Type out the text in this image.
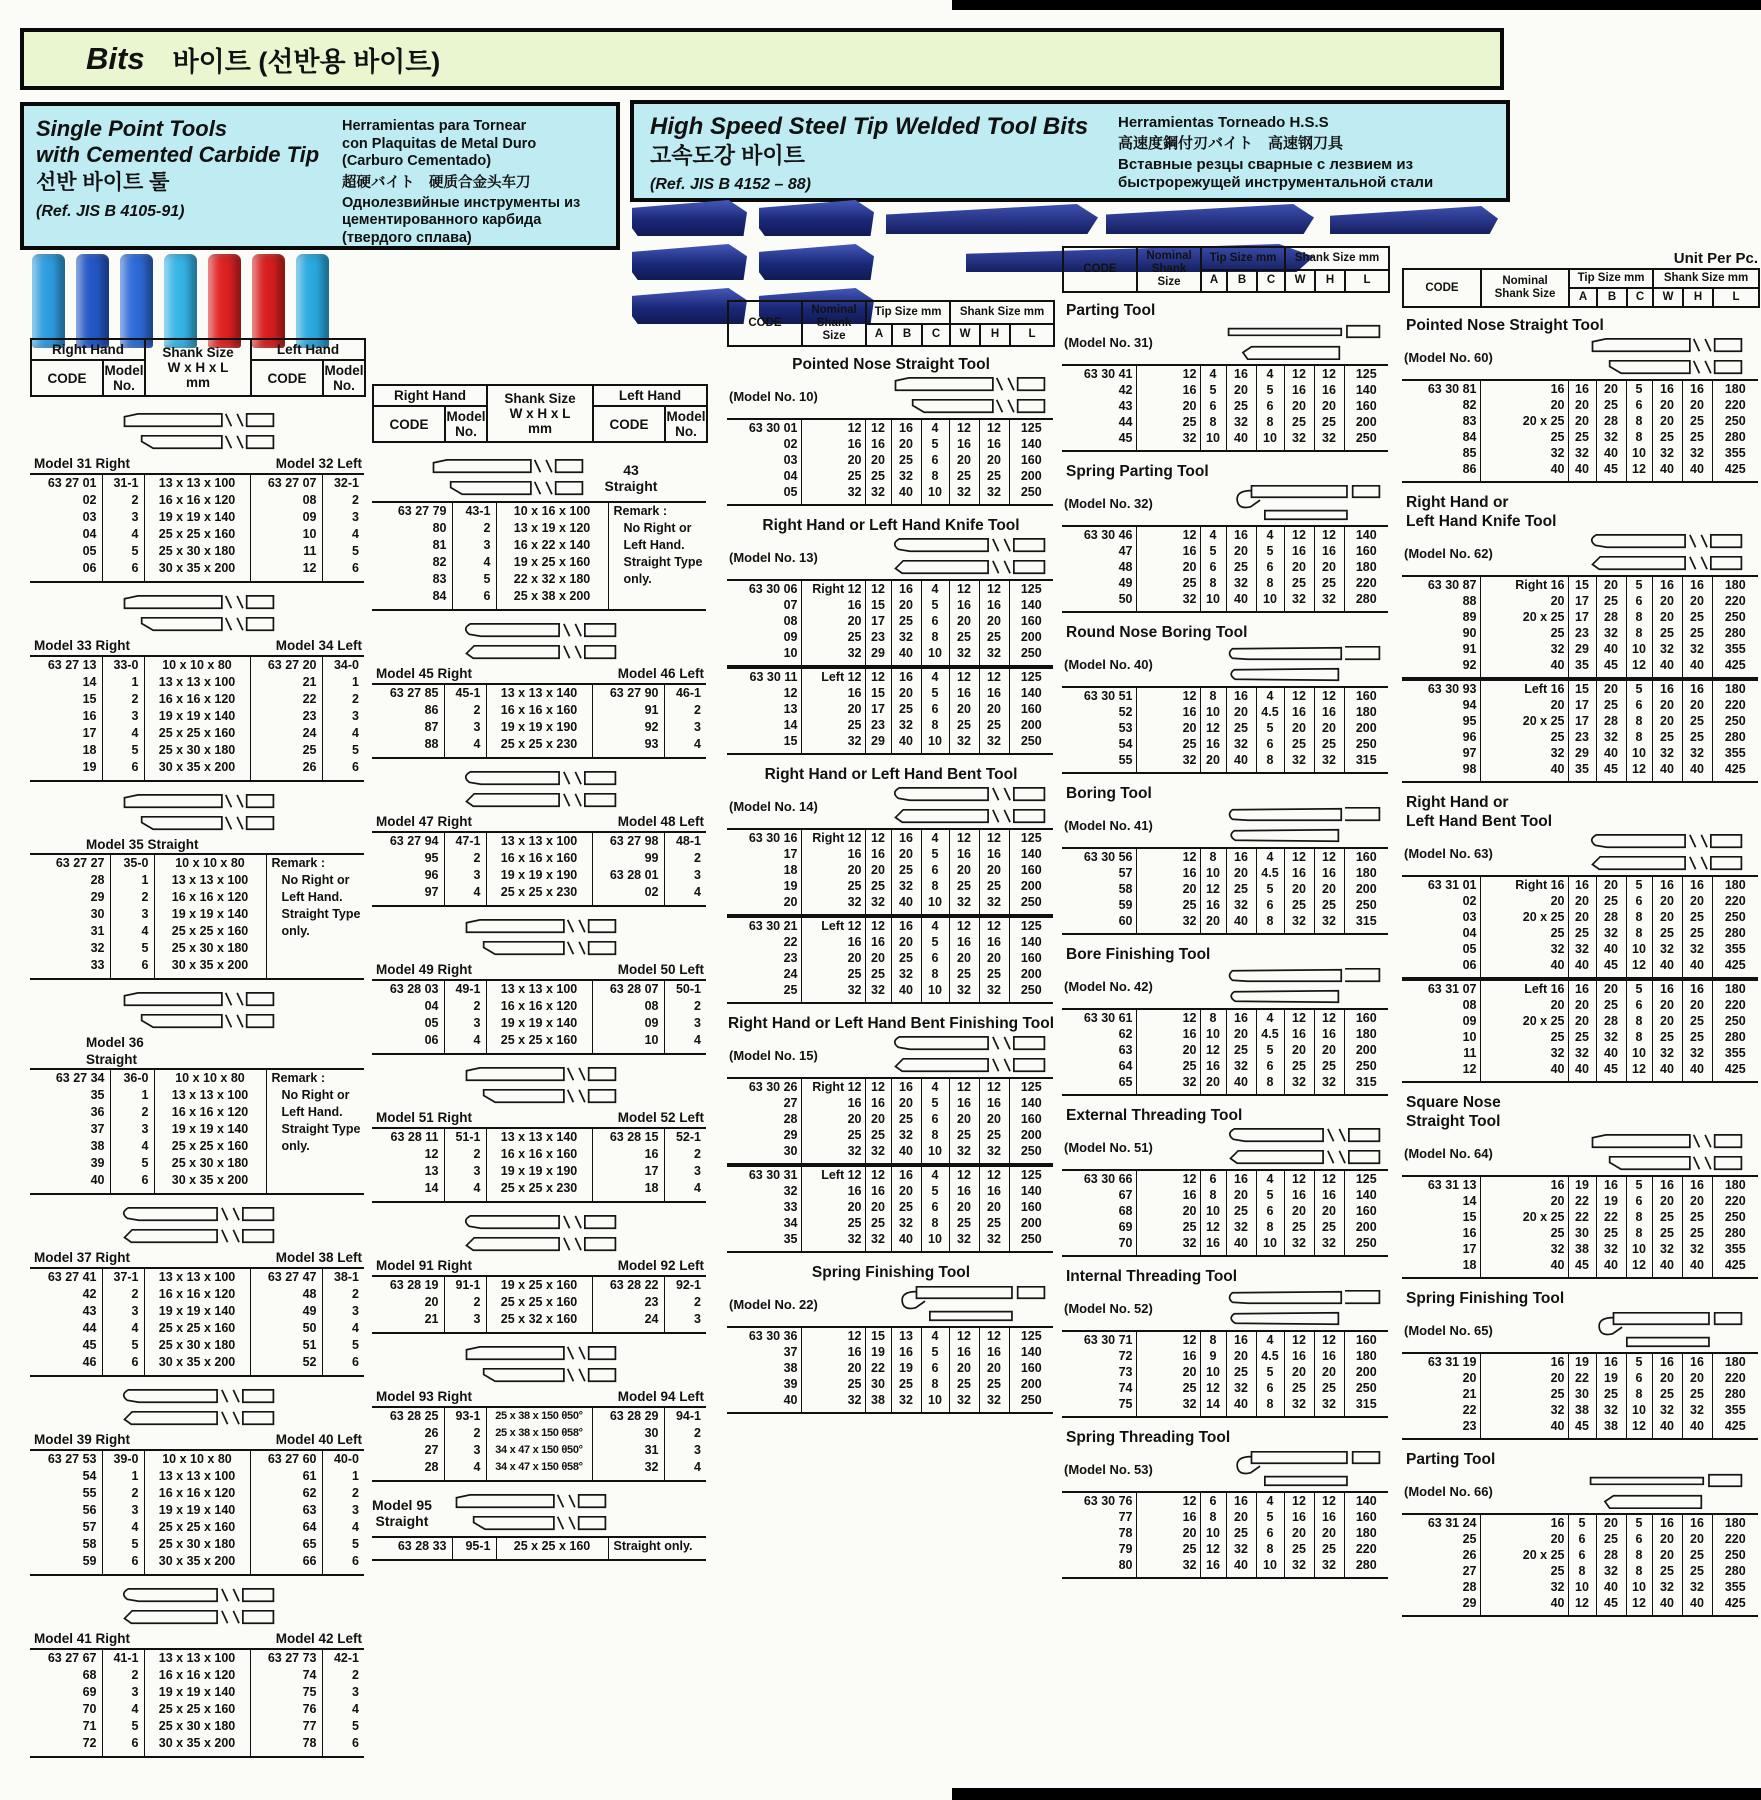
Bits 바이트 (선반용 바이트)
Single Point Tools
with Cemented Carbide Tip
선반 바이트 툴
(Ref. JIS B 4105-91)
Herramientas para Tornear
con Plaquitas de Metal Duro
(Carburo Cementado)
超硬バイト　硬质合金头车刀
Однолезвийные инструменты из
цементированного карбида
(твердого сплава)
High Speed Steel Tip Welded Tool Bits
고속도강 바이트
(Ref. JIS B 4152 – 88)
Herramientas Torneado H.S.S
高速度鋼付刃バイト　高速钢刀具
Вставные резцы сварные с лезвием из
быстрорежущей инструментальной стали
Unit Per Pc.
Right Hand		Shank Size
W x H x L
mm	Left Hand	
CODE	Model
No.	CODE	Model
No.
Model 31 Right	Model 32 Left
63 27 01	31-1	13 x 13 x 100	63 27 07	32-1
02	2	16 x 16 x 120	08	2
03	3	19 x 19 x 140	09	3
04	4	25 x 25 x 160	10	4
05	5	25 x 30 x 180	11	5
06	6	30 x 35 x 200	12	6
Model 33 Right	Model 34 Left
63 27 13	33-0	10 x 10 x 80	63 27 20	34-0
14	1	13 x 13 x 100	21	1
15	2	16 x 16 x 120	22	2
16	3	19 x 19 x 140	23	3
17	4	25 x 25 x 160	24	4
18	5	25 x 30 x 180	25	5
19	6	30 x 35 x 200	26	6
Model 35 Straight
63 27 27	35-0	10 x 10 x 80	Remark :
No Right or
Left Hand.
Straight Type
only.

28	1	13 x 13 x 100	
29	2	16 x 16 x 120	
30	3	19 x 19 x 140	
31	4	25 x 25 x 160	
32	5	25 x 30 x 180	
33	6	30 x 35 x 200	
Model 36
Straight
63 27 34	36-0	10 x 10 x 80	Remark :
No Right or
Left Hand.
Straight Type
only.

35	1	13 x 13 x 100	
36	2	16 x 16 x 120	
37	3	19 x 19 x 140	
38	4	25 x 25 x 160	
39	5	25 x 30 x 180	
40	6	30 x 35 x 200	
Model 37 Right	Model 38 Left
63 27 41	37-1	13 x 13 x 100	63 27 47	38-1
42	2	16 x 16 x 120	48	2
43	3	19 x 19 x 140	49	3
44	4	25 x 25 x 160	50	4
45	5	25 x 30 x 180	51	5
46	6	30 x 35 x 200	52	6
Model 39 Right	Model 40 Left
63 27 53	39-0	10 x 10 x 80	63 27 60	40-0
54	1	13 x 13 x 100	61	1
55	2	16 x 16 x 120	62	2
56	3	19 x 19 x 140	63	3
57	4	25 x 25 x 160	64	4
58	5	25 x 30 x 180	65	5
59	6	30 x 35 x 200	66	6
Model 41 Right	Model 42 Left
63 27 67	41-1	13 x 13 x 100	63 27 73	42-1
68	2	16 x 16 x 120	74	2
69	3	19 x 19 x 140	75	3
70	4	25 x 25 x 160	76	4
71	5	25 x 30 x 180	77	5
72	6	30 x 35 x 200	78	6
Right Hand		Shank Size
W x H x L
mm	Left Hand	
CODE	Model
No.	CODE	Model
No.
43
Straight
63 27 79	43-1	10 x 16 x 100	Remark :
No Right or
Left Hand.
Straight Type
only.

80	2	13 x 19 x 120	
81	3	16 x 22 x 140	
82	4	19 x 25 x 160	
83	5	22 x 32 x 180	
84	6	25 x 38 x 200	
Model 45 Right	Model 46 Left
63 27 85	45-1	13 x 13 x 140	63 27 90	46-1
86	2	16 x 16 x 160	91	2
87	3	19 x 19 x 190	92	3
88	4	25 x 25 x 230	93	4
Model 47 Right	Model 48 Left
63 27 94	47-1	13 x 13 x 100	63 27 98	48-1
95	2	16 x 16 x 160	99	2
96	3	19 x 19 x 190	63 28 01	3
97	4	25 x 25 x 230	02	4
Model 49 Right	Model 50 Left
63 28 03	49-1	13 x 13 x 100	63 28 07	50-1
04	2	16 x 16 x 120	08	2
05	3	19 x 19 x 140	09	3
06	4	25 x 25 x 160	10	4
Model 51 Right	Model 52 Left
63 28 11	51-1	13 x 13 x 140	63 28 15	52-1
12	2	16 x 16 x 160	16	2
13	3	19 x 19 x 190	17	3
14	4	25 x 25 x 230	18	4
Model 91 Right	Model 92 Left
63 28 19	91-1	19 x 25 x 160	63 28 22	92-1
20	2	25 x 25 x 160	23	2
21	3	25 x 32 x 160	24	3
Model 93 Right	Model 94 Left
63 28 25	93-1	25 x 38 x 150 θ50°	63 28 29	94-1
26	2	25 x 38 x 150 θ58°	30	2
27	3	34 x 47 x 150 θ50°	31	3
28	4	34 x 47 x 150 θ58°	32	4
Model 95
Straight
63 28 33	95-1	25 x 25 x 160	Straight only.
CODE	Nominal
Shank Size	Tip Size mm			Shank Size mm		
		A	B	C	W	H	L
Pointed Nose Straight Tool
(Model No. 10)
63 30 01	12	12	16	4	12	12	125
02	16	16	20	5	16	16	140
03	20	20	25	6	20	20	160
04	25	25	32	8	25	25	200
05	32	32	40	10	32	32	250
Right Hand or Left Hand Knife Tool
(Model No. 13)
63 30 06	Right 12	12	16	4	12	12	125
07	16	15	20	5	16	16	140
08	20	17	25	6	20	20	160
09	25	23	32	8	25	25	200
10	32	29	40	10	32	32	250
63 30 11	Left 12	12	16	4	12	12	125
12	16	15	20	5	16	16	140
13	20	17	25	6	20	20	160
14	25	23	32	8	25	25	200
15	32	29	40	10	32	32	250
Right Hand or Left Hand Bent Tool
(Model No. 14)
63 30 16	Right 12	12	16	4	12	12	125
17	16	16	20	5	16	16	140
18	20	20	25	6	20	20	160
19	25	25	32	8	25	25	200
20	32	32	40	10	32	32	250
63 30 21	Left 12	12	16	4	12	12	125
22	16	16	20	5	16	16	140
23	20	20	25	6	20	20	160
24	25	25	32	8	25	25	200
25	32	32	40	10	32	32	250
Right Hand or Left Hand Bent Finishing Tool
(Model No. 15)
63 30 26	Right 12	12	16	4	12	12	125
27	16	16	20	5	16	16	140
28	20	20	25	6	20	20	160
29	25	25	32	8	25	25	200
30	32	32	40	10	32	32	250
63 30 31	Left 12	12	16	4	12	12	125
32	16	16	20	5	16	16	140
33	20	20	25	6	20	20	160
34	25	25	32	8	25	25	200
35	32	32	40	10	32	32	250
Spring Finishing Tool
(Model No. 22)
63 30 36	12	15	13	4	12	12	125
37	16	19	16	5	16	16	140
38	20	22	19	6	20	20	160
39	25	30	25	8	25	25	200
40	32	38	32	10	32	32	250
CODE	Nominal
Shank Size	Tip Size mm			Shank Size mm		
		A	B	C	W	H	L
Parting Tool
(Model No. 31)
63 30 41	12	4	16	4	12	12	125
42	16	5	20	5	16	16	140
43	20	6	25	6	20	20	160
44	25	8	32	8	25	25	200
45	32	10	40	10	32	32	250
Spring Parting Tool
(Model No. 32)
63 30 46	12	4	16	4	12	12	140
47	16	5	20	5	16	16	160
48	20	6	25	6	20	20	180
49	25	8	32	8	25	25	220
50	32	10	40	10	32	32	280
Round Nose Boring Tool
(Model No. 40)
63 30 51	12	8	16	4	12	12	160
52	16	10	20	4.5	16	16	180
53	20	12	25	5	20	20	200
54	25	16	32	6	25	25	250
55	32	20	40	8	32	32	315
Boring Tool
(Model No. 41)
63 30 56	12	8	16	4	12	12	160
57	16	10	20	4.5	16	16	180
58	20	12	25	5	20	20	200
59	25	16	32	6	25	25	250
60	32	20	40	8	32	32	315
Bore Finishing Tool
(Model No. 42)
63 30 61	12	8	16	4	12	12	160
62	16	10	20	4.5	16	16	180
63	20	12	25	5	20	20	200
64	25	16	32	6	25	25	250
65	32	20	40	8	32	32	315
External Threading Tool
(Model No. 51)
63 30 66	12	6	16	4	12	12	125
67	16	8	20	5	16	16	140
68	20	10	25	6	20	20	160
69	25	12	32	8	25	25	200
70	32	16	40	10	32	32	250
Internal Threading Tool
(Model No. 52)
63 30 71	12	8	16	4	12	12	160
72	16	9	20	4.5	16	16	180
73	20	10	25	5	20	20	200
74	25	12	32	6	25	25	250
75	32	14	40	8	32	32	315
Spring Threading Tool
(Model No. 53)
63 30 76	12	6	16	4	12	12	140
77	16	8	20	5	16	16	160
78	20	10	25	6	20	20	180
79	25	12	32	8	25	25	220
80	32	16	40	10	32	32	280
CODE	Nominal
Shank Size	Tip Size mm			Shank Size mm		
		A	B	C	W	H	L
Pointed Nose Straight Tool
(Model No. 60)
63 30 81	16	16	20	5	16	16	180
82	20	20	25	6	20	20	220
83	20 x 25	20	28	8	20	25	250
84	25	25	32	8	25	25	280
85	32	32	40	10	32	32	355
86	40	40	45	12	40	40	425
Right Hand or
Left Hand Knife Tool
(Model No. 62)
63 30 87	Right 16	15	20	5	16	16	180
88	20	17	25	6	20	20	220
89	20 x 25	17	28	8	20	25	250
90	25	23	32	8	25	25	280
91	32	29	40	10	32	32	355
92	40	35	45	12	40	40	425
63 30 93	Left 16	15	20	5	16	16	180
94	20	17	25	6	20	20	220
95	20 x 25	17	28	8	20	25	250
96	25	23	32	8	25	25	280
97	32	29	40	10	32	32	355
98	40	35	45	12	40	40	425
Right Hand or
Left Hand Bent Tool
(Model No. 63)
63 31 01	Right 16	16	20	5	16	16	180
02	20	20	25	6	20	20	220
03	20 x 25	20	28	8	20	25	250
04	25	25	32	8	25	25	280
05	32	32	40	10	32	32	355
06	40	40	45	12	40	40	425
63 31 07	Left 16	16	20	5	16	16	180
08	20	20	25	6	20	20	220
09	20 x 25	20	28	8	20	25	250
10	25	25	32	8	25	25	280
11	32	32	40	10	32	32	355
12	40	40	45	12	40	40	425
Square Nose
Straight Tool
(Model No. 64)
63 31 13	16	19	16	5	16	16	180
14	20	22	19	6	20	20	220
15	20 x 25	22	22	8	25	25	250
16	25	30	25	8	25	25	280
17	32	38	32	10	32	32	355
18	40	45	40	12	40	40	425
Spring Finishing Tool
(Model No. 65)
63 31 19	16	19	16	5	16	16	180
20	20	22	19	6	20	20	220
21	25	30	25	8	25	25	280
22	32	38	32	10	32	32	355
23	40	45	38	12	40	40	425
Parting Tool
(Model No. 66)
63 31 24	16	5	20	5	16	16	180
25	20	6	25	6	20	20	220
26	20 x 25	6	28	8	20	25	250
27	25	8	32	8	25	25	280
28	32	10	40	10	32	32	355
29	40	12	45	12	40	40	425
